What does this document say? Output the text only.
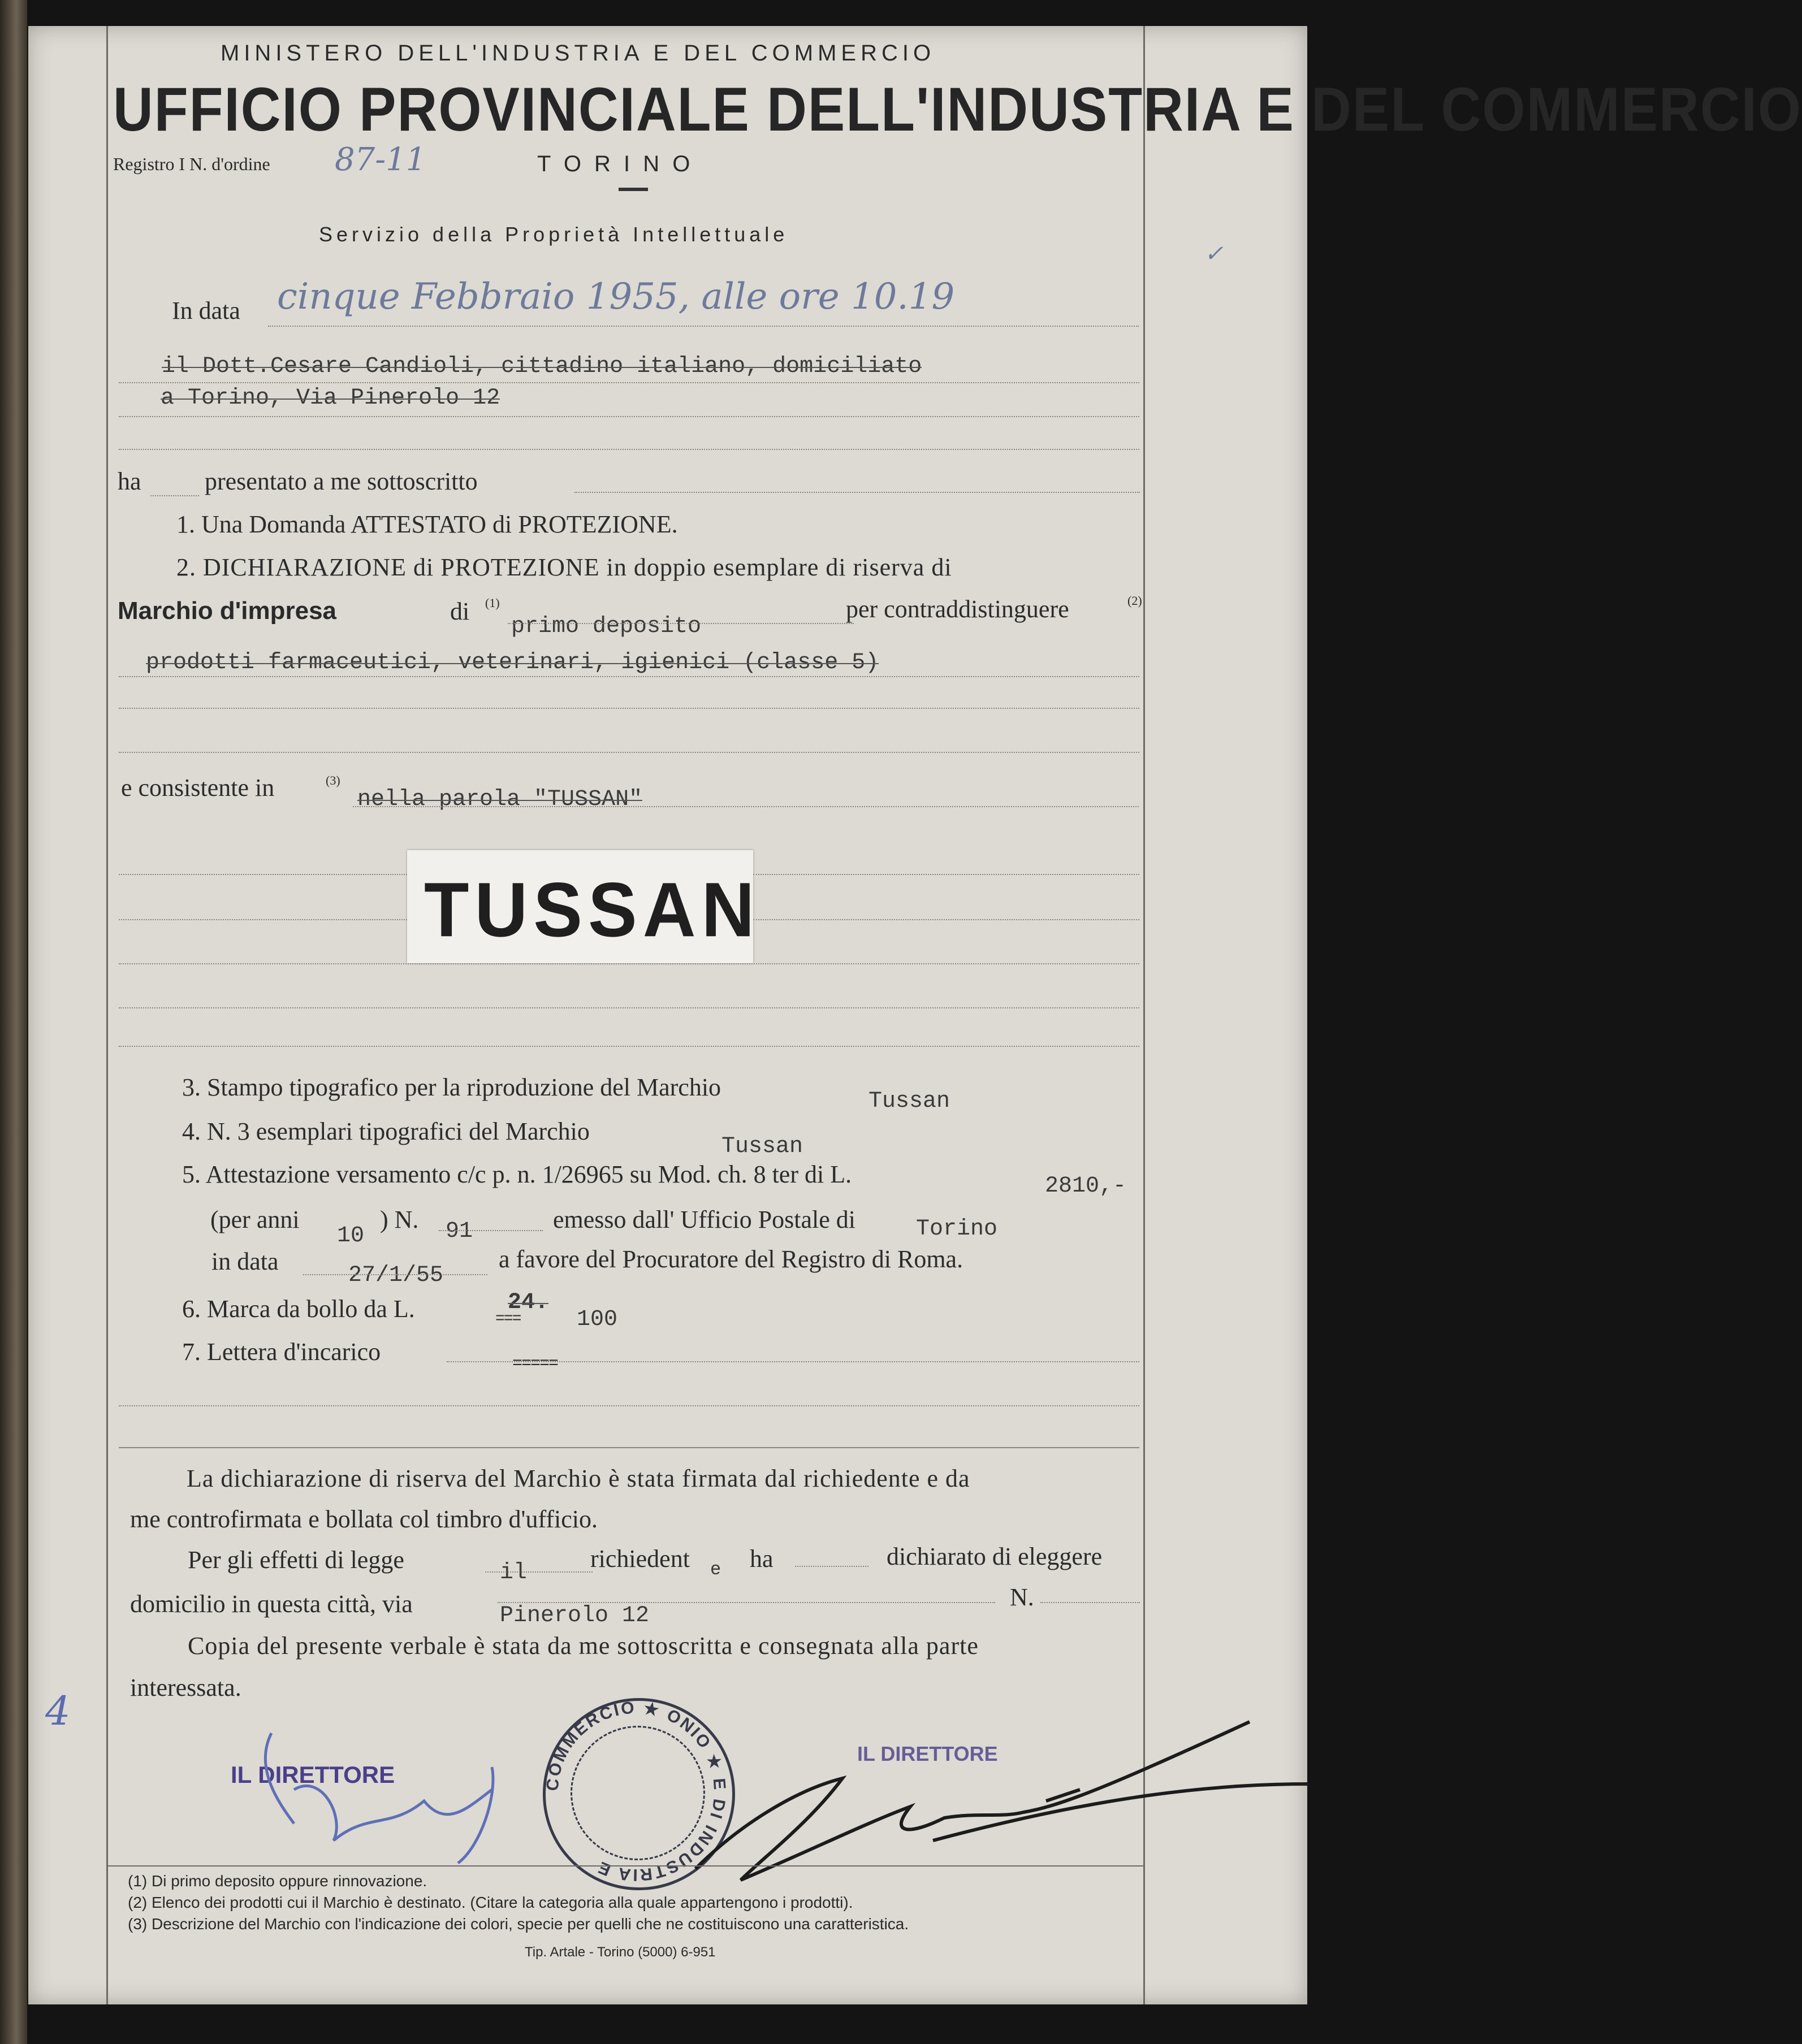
MINISTERO DELL'INDUSTRIA E DEL COMMERCIO
UFFICIO PROVINCIALE DELL'INDUSTRIA E DEL COMMERCIO
Registro I N. d'ordine 87-11	T O R I N O
Servizio della Proprietà Intellettuale
✓
In data cinque Febbraio 1955, alle ore 10.19
il Dott.Cesare Candioli, cittadino italiano, domiciliato
a Torino, Via Pinerolo 12
ha	presentato a me sottoscritto
1. Una Domanda ATTESTATO di PROTEZIONE.
2. DICHIARAZIONE di PROTEZIONE in doppio esemplare di riserva di
Marchio d'impresa	di (1)
primo deposito
per contraddistinguere	(2)
prodotti farmaceutici, veterinari, igienici (classe 5)
e consistente in	(3)
nella parola "TUSSAN"
TUSSAN
3. Stampo tipografico per la riproduzione del Marchio
Tussan
4. N. 3 esemplari tipografici del Marchio
Tussan
5. Attestazione versamento c/c p. n. 1/26965 su Mod. ch. 8 ter di L.	2810,-
(per anni
10
) N. 91	emesso dall' Ufficio Postale di	Torino
in data
27/1/55
a favore del Procuratore del Registro di Roma.
6. Marca da bollo da L.	24.
=== 100
7. Lettera d'incarico	=====
La dichiarazione di riserva del Marchio è stata firmata dal richiedente e da
me controfirmata e bollata col timbro d'ufficio.
Per gli effetti di legge	il
richiedent e ha	dichiarato di eleggere
domicilio in questa città, via	Pinerolo 12
N.
Copia del presente verbale è stata da me sottoscritta e consegnata alla parte
interessata.
4
IL DIRETTORE
IL DIRETTORE
COMMERCIO ★ ONIO ★ E DI INDUSTRIA E
(1) Di primo deposito oppure rinnovazione.
(2) Elenco dei prodotti cui il Marchio è destinato. (Citare la categoria alla quale appartengono i prodotti).
(3) Descrizione del Marchio con l'indicazione dei colori, specie per quelli che ne costituiscono una caratteristica.
Tip. Artale - Torino (5000) 6-951
